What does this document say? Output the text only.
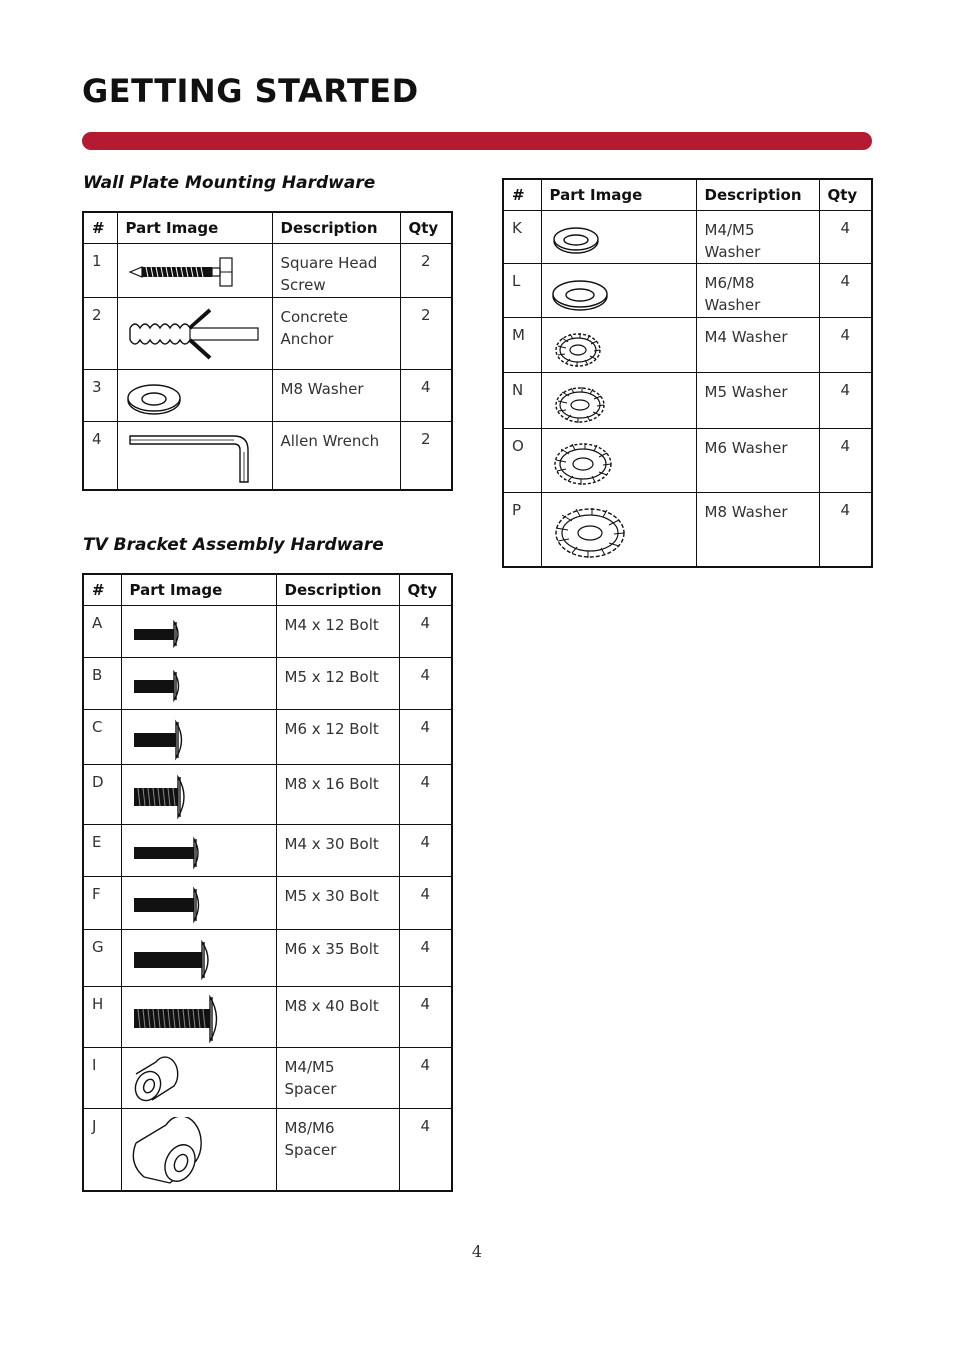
GETTING STARTED
Wall Plate Mounting Hardware
#	Part Image	Description	Qty
1		Square Head Screw	2
2		Concrete Anchor	2
3		M8 Washer	4
4		Allen Wrench	2
TV Bracket Assembly Hardware
#	Part Image	Description	Qty
A		M4 x 12 Bolt	4
B		M5 x 12 Bolt	4
C		M6 x 12 Bolt	4
D		M8 x 16 Bolt	4
E		M4 x 30 Bolt	4
F		M5 x 30 Bolt	4
G		M6 x 35 Bolt	4
H		M8 x 40 Bolt	4
I		M4/M5 Spacer	4
J		M8/M6 Spacer	4
#	Part Image	Description	Qty
K		M4/M5 Washer	4
L		M6/M8 Washer	4
M		M4 Washer	4
N		M5 Washer	4
O		M6 Washer	4
P		M8 Washer	4
4
